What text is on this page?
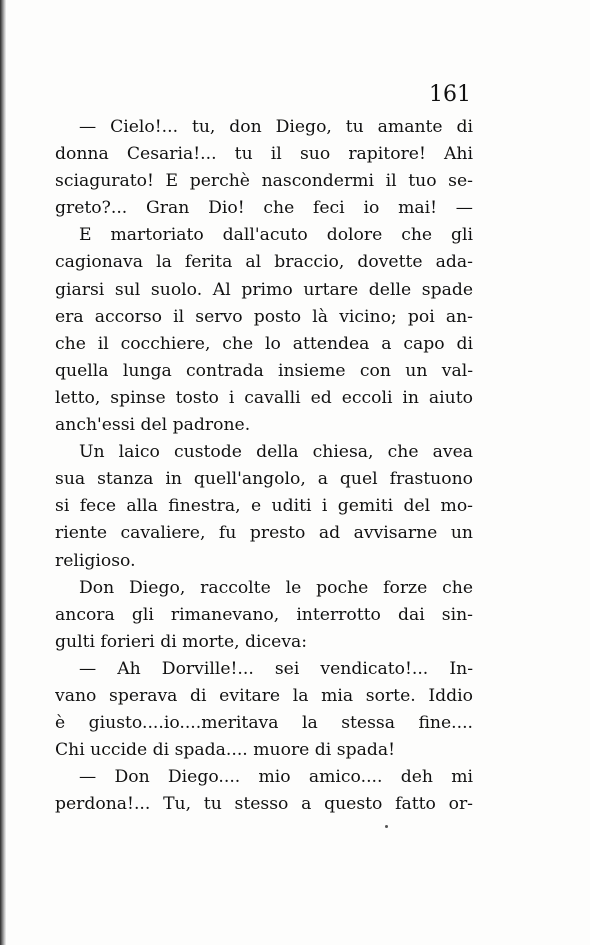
161
— Cielo!... tu, don Diego, tu amante di
donna Cesaria!... tu il suo rapitore! Ahi
sciagurato! E perchè nascondermi il tuo se-
greto?... Gran Dio! che feci io mai! —
E martoriato dall'acuto dolore che gli
cagionava la ferita al braccio, dovette ada-
giarsi sul suolo. Al primo urtare delle spade
era accorso il servo posto là vicino; poi an-
che il cocchiere, che lo attendea a capo di
quella lunga contrada insieme con un val-
letto, spinse tosto i cavalli ed eccoli in aiuto
anch'essi del padrone.
Un laico custode della chiesa, che avea
sua stanza in quell'angolo, a quel frastuono
si fece alla finestra, e uditi i gemiti del mo-
riente cavaliere, fu presto ad avvisarne un
religioso.
Don Diego, raccolte le poche forze che
ancora gli rimanevano, interrotto dai sin-
gulti forieri di morte, diceva:
— Ah Dorville!... sei vendicato!... In-
vano sperava di evitare la mia sorte. Iddio
è giusto....io....meritava la stessa fine....
Chi uccide di spada.... muore di spada!
— Don Diego.... mio amico.... deh mi
perdona!... Tu, tu stesso a questo fatto or-
